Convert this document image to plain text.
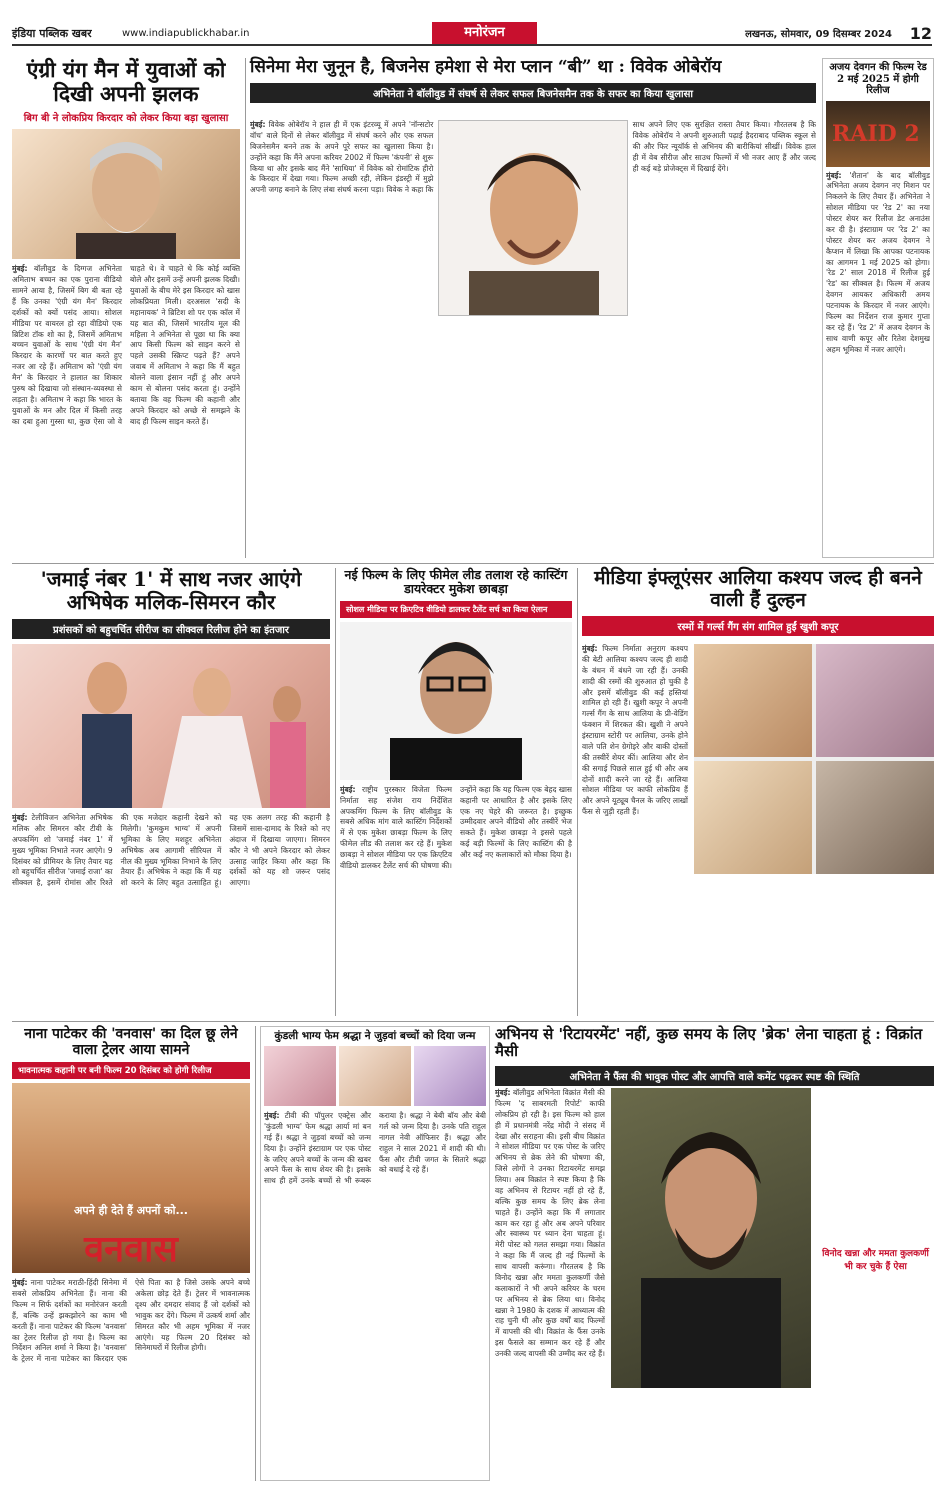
इंडिया पब्लिक खबर	www.indiapublickhabar.in	मनोरंजन	लखनऊ, सोमवार, 09 दिसम्बर 2024 12
एंग्री यंग मैन में युवाओं को दिखी अपनी झलक
बिग बी ने लोकप्रिय किरदार को लेकर किया बड़ा खुलासा
मुंबई: बॉलीवुड के दिग्गज अभिनेता अमिताभ बच्चन का एक पुराना वीडियो सामने आया है, जिसमें बिग बी बता रहे हैं कि उनका 'एंग्री यंग मैन' किरदार दर्शकों को क्यों पसंद आया। सोशल मीडिया पर वायरल हो रहा वीडियो एक ब्रिटिश टॉक शो का है, जिसमें अमिताभ बच्चन युवाओं के साथ 'एंग्री यंग मैन' किरदार के कारणों पर बात करते हुए नजर आ रहे हैं। अमिताभ को 'एंग्री यंग मैन' के किरदार ने हालात का शिकार पुरुष को दिखाया जो संस्थान-व्यवस्था से लड़ता है। अमिताभ ने कहा कि भारत के युवाओं के मन और दिल में किसी तरह का दबा हुआ गुस्सा था, कुछ ऐसा जो वे चाहते थे। वे चाहते थे कि कोई व्यक्ति बोले और इसमें उन्हें अपनी झलक दिखी। युवाओं के बीच मेरे इस किरदार को खास लोकप्रियता मिली। दरअसल 'सदी के महानायक' ने ब्रिटिश शो पर एक कॉल में यह बात की, जिसमें भारतीय मूल की महिला ने अभिनेता से पूछा था कि क्या आप किसी फिल्म को साइन करने से पहले उसकी स्क्रिप्ट पढ़ते हैं? अपने जवाब में अमिताभ ने कहा कि मैं बहुत बोलने वाला इंसान नहीं हूं और अपने काम से बोलना पसंद करता हूं। उन्होंने बताया कि वह फिल्म की कहानी और अपने किरदार को अच्छे से समझने के बाद ही फिल्म साइन करते हैं।
सिनेमा मेरा जुनून है, बिजनेस हमेशा से मेरा प्लान “बी” था : विवेक ओबेरॉय
अभिनेता ने बॉलीवुड में संघर्ष से लेकर सफल बिजनेसमैन तक के सफर का किया खुलासा
मुंबई: विवेक ओबेरॉय ने हाल ही में एक इंटरव्यू में अपने 'नॉन्सटोर वॉच' वाले दिनों से लेकर बॉलीवुड में संघर्ष करने और एक सफल बिजनेसमैन बनने तक के अपने पूरे सफर का खुलासा किया है। उन्होंने कहा कि मैंने अपना करियर 2002 में फिल्म 'कंपनी' से शुरू किया था और इसके बाद मैंने 'साथिया' में विवेक को रोमांटिक हीरो के किरदार में देखा गया। फिल्म अच्छी रही, लेकिन इंडस्ट्री में मुझे अपनी जगह बनाने के लिए लंबा संघर्ष करना पड़ा। विवेक ने कहा कि साथ अपने लिए एक सुरक्षित रास्ता तैयार किया। गौरतलब है कि विवेक ओबेरॉय ने अपनी शुरुआती पढ़ाई हैदराबाद पब्लिक स्कूल से की और फिर न्यूयॉर्क से अभिनय की बारीकियां सीखीं। विवेक हाल ही में वेब सीरीज और साउथ फिल्मों में भी नजर आए हैं और जल्द ही कई बड़े प्रोजेक्ट्स में दिखाई देंगे।
अजय देवगन की फिल्म रेड 2 मई 2025 में होगी रिलीज
RAID 2
मुंबई: 'शैतान' के बाद बॉलीवुड अभिनेता अजय देवगन नए मिशन पर निकलने के लिए तैयार हैं। अभिनेता ने सोशल मीडिया पर 'रेड 2' का नया पोस्टर शेयर कर रिलीज डेट अनाउंस कर दी है। इंस्टाग्राम पर 'रेड 2' का पोस्टर शेयर कर अजय देवगन ने कैप्शन में लिखा कि आपका पटनायक का आगमन 1 मई 2025 को होगा। 'रेड 2' साल 2018 में रिलीज हुई 'रेड' का सीक्वल है। फिल्म में अजय देवगन आयकर अधिकारी अमय पटनायक के किरदार में नजर आएंगे। फिल्म का निर्देशन राज कुमार गुप्ता कर रहे हैं। 'रेड 2' में अजय देवगन के साथ वाणी कपूर और रितेश देशमुख अहम भूमिका में नजर आएंगे।
'जमाई नंबर 1' में साथ नजर आएंगे अभिषेक मलिक-सिमरन कौर
प्रशंसकों को बहुचर्चित सीरीज का सीक्वल रिलीज होने का इंतजार
मुंबई: टेलीविजन अभिनेता अभिषेक मलिक और सिमरन कौर टीवी के अपकमिंग शो 'जमाई नंबर 1' में मुख्य भूमिका निभाते नजर आएंगे। 9 दिसंबर को प्रीमियर के लिए तैयार यह शो बहुचर्चित सीरीज 'जमाई राजा' का सीक्वल है, इसमें रोमांस और रिश्ते की एक मजेदार कहानी देखने को मिलेगी। 'कुमकुम भाग्य' में अपनी भूमिका के लिए मशहूर अभिनेता अभिषेक अब आगामी सीरियल में नील की मुख्य भूमिका निभाने के लिए तैयार हैं। अभिषेक ने कहा कि मैं यह शो करने के लिए बहुत उत्साहित हूं। यह एक अलग तरह की कहानी है जिसमें सास-दामाद के रिश्ते को नए अंदाज में दिखाया जाएगा। सिमरन कौर ने भी अपने किरदार को लेकर उत्साह जाहिर किया और कहा कि दर्शकों को यह शो जरूर पसंद आएगा।
नई फिल्म के लिए फीमेल लीड तलाश रहे कास्टिंग डायरेक्टर मुकेश छाबड़ा
सोशल मीडिया पर क्रिएटिव वीडियो डालकर टैलेंट सर्च का किया ऐलान
मुंबई: राष्ट्रीय पुरस्कार विजेता फिल्म निर्माता सह संजेश राय निर्देशित अपकमिंग फिल्म के लिए बॉलीवुड के सबसे अधिक मांग वाले कास्टिंग निर्देशकों में से एक मुकेश छाबड़ा फिल्म के लिए फीमेल लीड की तलाश कर रहे हैं। मुकेश छाबड़ा ने सोशल मीडिया पर एक क्रिएटिव वीडियो डालकर टैलेंट सर्च की घोषणा की। उन्होंने कहा कि यह फिल्म एक बेहद खास कहानी पर आधारित है और इसके लिए एक नए चेहरे की जरूरत है। इच्छुक उम्मीदवार अपने वीडियो और तस्वीरें भेज सकते हैं। मुकेश छाबड़ा ने इससे पहले कई बड़ी फिल्मों के लिए कास्टिंग की है और कई नए कलाकारों को मौका दिया है।
मीडिया इंफ्लूएंसर आलिया कश्यप जल्द ही बनने वाली हैं दुल्हन
रस्मों में गर्ल्स गैंग संग शामिल हुईं खुशी कपूर
मुंबई: फिल्म निर्माता अनुराग कश्यप की बेटी आलिया कश्यप जल्द ही शादी के बंधन में बंधने जा रही हैं। उनकी शादी की रस्मों की शुरुआत हो चुकी है और इसमें बॉलीवुड की कई हस्तियां शामिल हो रही हैं। खुशी कपूर ने अपनी गर्ल्स गैंग के साथ आलिया के प्री-वेडिंग फंक्शन में शिरकत की। खुशी ने अपने इंस्टाग्राम स्टोरी पर आलिया, उनके होने वाले पति शेन ग्रेगोइरे और बाकी दोस्तों की तस्वीरें शेयर कीं। आलिया और शेन की सगाई पिछले साल हुई थी और अब दोनों शादी करने जा रहे हैं। आलिया सोशल मीडिया पर काफी लोकप्रिय हैं और अपने यूट्यूब चैनल के जरिए लाखों फैंस से जुड़ी रहती हैं।
नाना पाटेकर की 'वनवास' का दिल छू लेने वाला ट्रेलर आया सामने
भावनात्मक कहानी पर बनी फिल्म 20 दिसंबर को होगी रिलीज
अपने ही देते हैं अपनों को...
वनवास
मुंबई: नाना पाटेकर मराठी-हिंदी सिनेमा में सबसे लोकप्रिय अभिनेता हैं। नाना की फिल्म न सिर्फ दर्शकों का मनोरंजन करती हैं, बल्कि उन्हें झकझोरने का काम भी करती हैं। नाना पाटेकर की फिल्म 'वनवास' का ट्रेलर रिलीज हो गया है। फिल्म का निर्देशन अनिल शर्मा ने किया है। 'वनवास' के ट्रेलर में नाना पाटेकर का किरदार एक ऐसे पिता का है जिसे उसके अपने बच्चे अकेला छोड़ देते हैं। ट्रेलर में भावनात्मक दृश्य और दमदार संवाद हैं जो दर्शकों को भावुक कर देंगे। फिल्म में उत्कर्ष शर्मा और सिमरत कौर भी अहम भूमिका में नजर आएंगे। यह फिल्म 20 दिसंबर को सिनेमाघरों में रिलीज होगी।
कुंडली भाग्य फेम श्रद्धा ने जुड़वां बच्चों को दिया जन्म
मुंबई: टीवी की पॉपुलर एक्ट्रेस और 'कुंडली भाग्य' फेम श्रद्धा आर्या मां बन गई हैं। श्रद्धा ने जुड़वां बच्चों को जन्म दिया है। उन्होंने इंस्टाग्राम पर एक पोस्ट के जरिए अपने बच्चों के जन्म की खबर अपने फैंस के साथ शेयर की है। इसके साथ ही हमें उनके बच्चों से भी रूबरू कराया है। श्रद्धा ने बेबी बॉय और बेबी गर्ल को जन्म दिया है। उनके पति राहुल नागल नेवी ऑफिसर हैं। श्रद्धा और राहुल ने साल 2021 में शादी की थी। फैंस और टीवी जगत के सितारे श्रद्धा को बधाई दे रहे हैं।
अभिनय से 'रिटायरमेंट' नहीं, कुछ समय के लिए 'ब्रेक' लेना चाहता हूं : विक्रांत मैसी
अभिनेता ने फैंस की भावुक पोस्ट और आपत्ति वाले कमेंट पढ़कर स्पष्ट की स्थिति
मुंबई: बॉलीवुड अभिनेता विक्रांत मैसी की फिल्म 'द साबरमती रिपोर्ट' काफी लोकप्रिय हो रही है। इस फिल्म को हाल ही में प्रधानमंत्री नरेंद्र मोदी ने संसद में देखा और सराहना की। इसी बीच विक्रांत ने सोशल मीडिया पर एक पोस्ट के जरिए अभिनय से ब्रेक लेने की घोषणा की, जिसे लोगों ने उनका रिटायरमेंट समझ लिया। अब विक्रांत ने स्पष्ट किया है कि वह अभिनय से रिटायर नहीं हो रहे हैं, बल्कि कुछ समय के लिए ब्रेक लेना चाहते हैं। उन्होंने कहा कि मैं लगातार काम कर रहा हूं और अब अपने परिवार और स्वास्थ्य पर ध्यान देना चाहता हूं। मेरी पोस्ट को गलत समझा गया। विक्रांत ने कहा कि मैं जल्द ही नई फिल्मों के साथ वापसी करूंगा। गौरतलब है कि विनोद खन्ना और ममता कुलकर्णी जैसे कलाकारों ने भी अपने करियर के चरम पर अभिनय से ब्रेक लिया था। विनोद खन्ना ने 1980 के दशक में आध्यात्म की राह चुनी थी और कुछ वर्षों बाद फिल्मों में वापसी की थी। विक्रांत के फैंस उनके इस फैसले का सम्मान कर रहे हैं और उनकी जल्द वापसी की उम्मीद कर रहे हैं।
विनोद खन्ना और ममता कुलकर्णी भी कर चुके हैं ऐसा
